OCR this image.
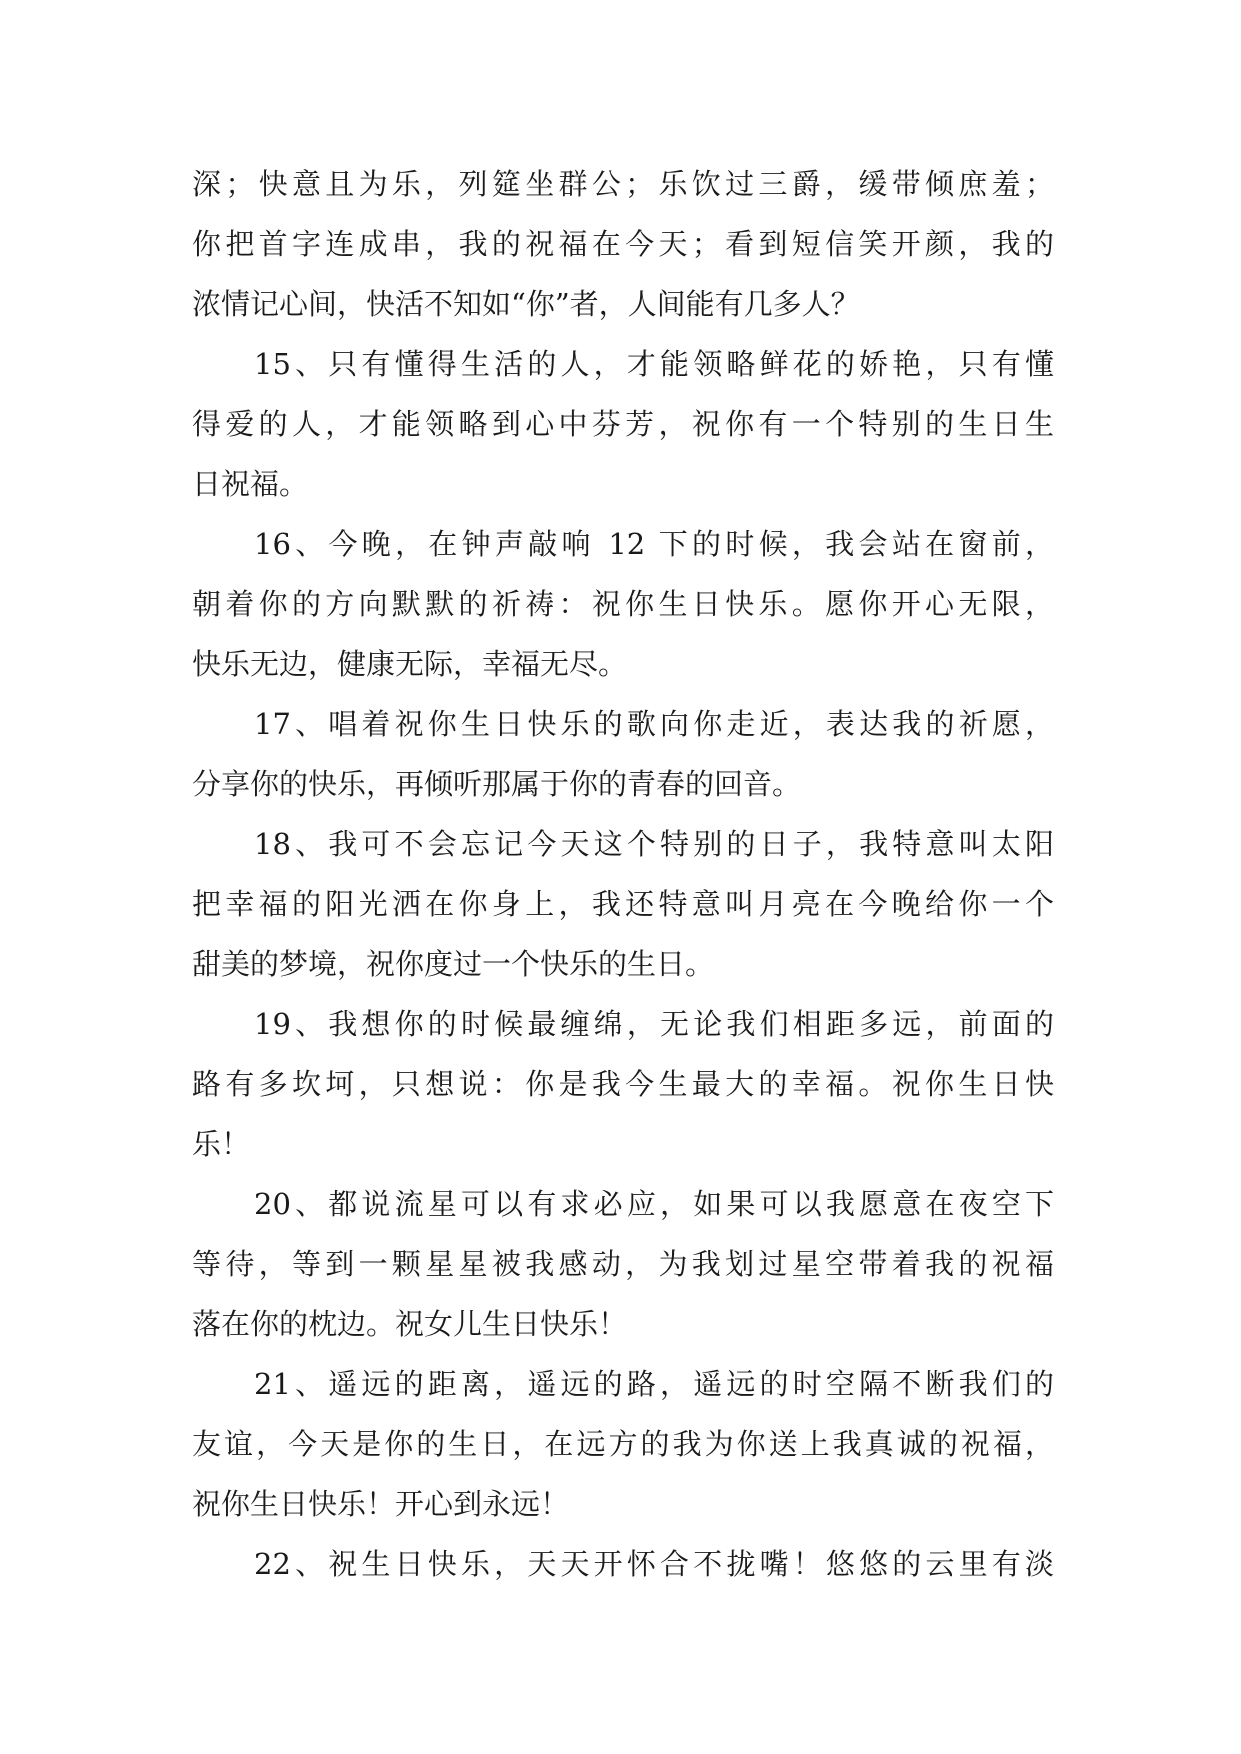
深；快意且为乐，列筵坐群公；乐饮过三爵，缓带倾庶羞；
你把首字连成串，我的祝福在今天；看到短信笑开颜，我的
浓情记心间，快活不知如“你”者，人间能有几多人？
15、只有懂得生活的人，才能领略鲜花的娇艳，只有懂
得爱的人，才能领略到心中芬芳，祝你有一个特别的生日生
日祝福。
16、今晚，在钟声敲响 12 下的时候，我会站在窗前，
朝着你的方向默默的祈祷：祝你生日快乐。愿你开心无限，
快乐无边，健康无际，幸福无尽。
17、唱着祝你生日快乐的歌向你走近，表达我的祈愿，
分享你的快乐，再倾听那属于你的青春的回音。
18、我可不会忘记今天这个特别的日子，我特意叫太阳
把幸福的阳光洒在你身上，我还特意叫月亮在今晚给你一个
甜美的梦境，祝你度过一个快乐的生日。
19、我想你的时候最缠绵，无论我们相距多远，前面的
路有多坎坷，只想说：你是我今生最大的幸福。祝你生日快
乐！
20、都说流星可以有求必应，如果可以我愿意在夜空下
等待，等到一颗星星被我感动，为我划过星空带着我的祝福
落在你的枕边。祝女儿生日快乐！
21、遥远的距离，遥远的路，遥远的时空隔不断我们的
友谊，今天是你的生日，在远方的我为你送上我真诚的祝福，
祝你生日快乐！开心到永远！
22、祝生日快乐，天天开怀合不拢嘴！悠悠的云里有淡
